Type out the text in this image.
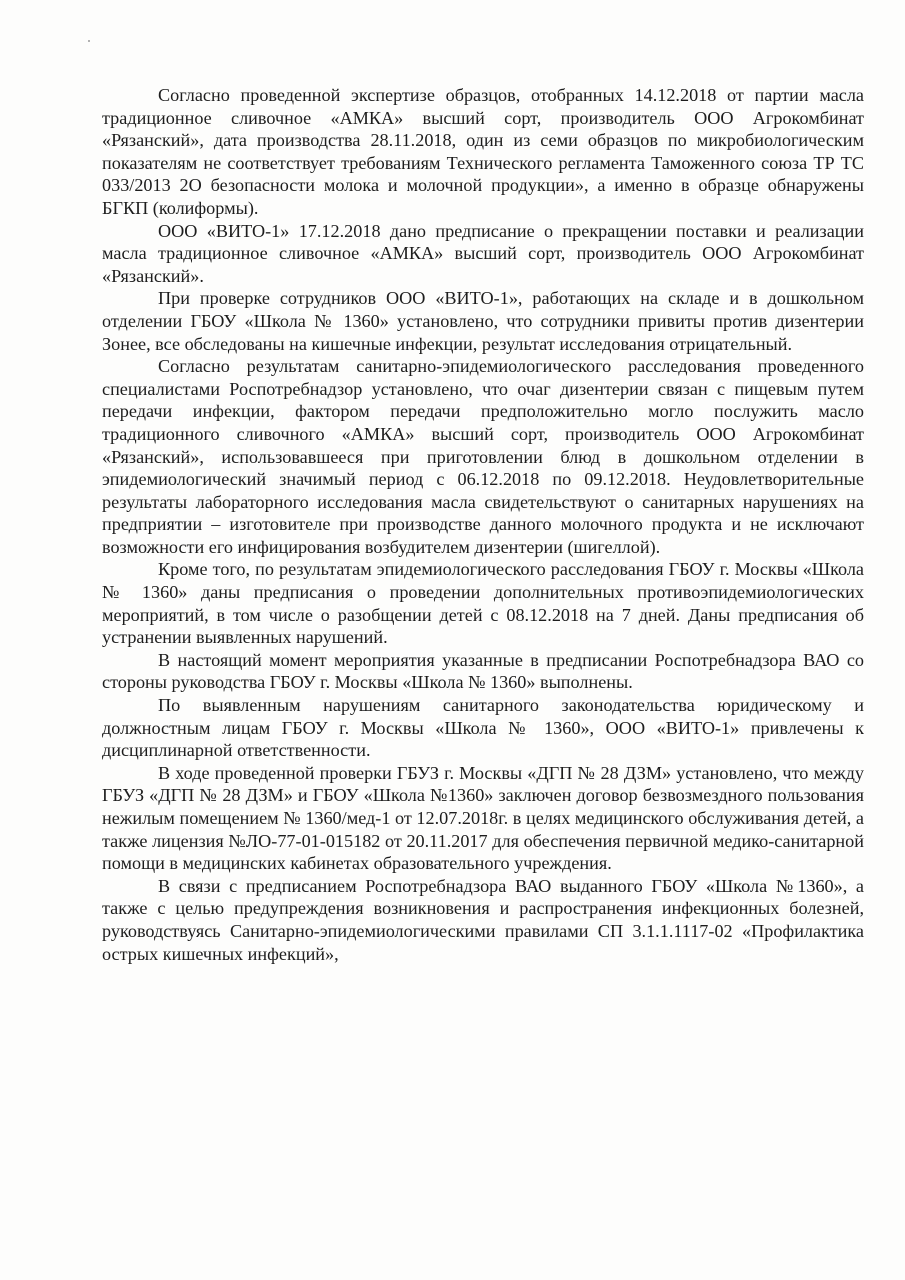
Согласно проведенной экспертизе образцов, отобранных 14.12.2018 от партии масла традиционное сливочное «АМКА» высший сорт, производитель ООО Агрокомбинат «Рязанский», дата производства 28.11.2018, один из семи образцов по микробиологическим показателям не соответствует требованиям Технического регламента Таможенного союза ТР ТС 033/2013 2О безопасности молока и молочной продукции», а именно в образце обнаружены БГКП (колиформы).

ООО «ВИТО-1» 17.12.2018 дано предписание о прекращении поставки и реализации масла традиционное сливочное «АМКА» высший сорт, производитель ООО Агрокомбинат «Рязанский».

При проверке сотрудников ООО «ВИТО-1», работающих на складе и в дошкольном отделении ГБОУ «Школа № 1360» установлено, что сотрудники привиты против дизентерии Зонее, все обследованы на кишечные инфекции, результат исследования отрицательный.

Согласно результатам санитарно-эпидемиологического расследования проведенного специалистами Роспотребнадзор установлено, что очаг дизентерии связан с пищевым путем передачи инфекции, фактором передачи предположительно могло послужить масло традиционного сливочного «АМКА» высший сорт, производитель ООО Агрокомбинат «Рязанский», использовавшееся при приготовлении блюд в дошкольном отделении в эпидемиологический значимый период с 06.12.2018 по 09.12.2018. Неудовлетворительные результаты лабораторного исследования масла свидетельствуют о санитарных нарушениях на предприятии – изготовителе при производстве данного молочного продукта и не исключают возможности его инфицирования возбудителем дизентерии (шигеллой).

Кроме того, по результатам эпидемиологического расследования ГБОУ г. Москвы «Школа № 1360» даны предписания о проведении дополнительных противоэпидемиологических мероприятий, в том числе о разобщении детей с 08.12.2018 на 7 дней. Даны предписания об устранении выявленных нарушений.

В настоящий момент мероприятия указанные в предписании Роспотребнадзора ВАО со стороны руководства ГБОУ г. Москвы «Школа № 1360» выполнены.

По выявленным нарушениям санитарного законодательства юридическому и должностным лицам ГБОУ г. Москвы «Школа № 1360», ООО «ВИТО-1» привлечены к дисциплинарной ответственности.

В ходе проведенной проверки ГБУЗ г. Москвы «ДГП № 28 ДЗМ» установлено, что между ГБУЗ «ДГП № 28 ДЗМ» и ГБОУ «Школа №1360» заключен договор безвозмездного пользования нежилым помещением № 1360/мед-1 от 12.07.2018г. в целях медицинского обслуживания детей, а также лицензия №ЛО-77-01-015182 от 20.11.2017 для обеспечения первичной медико-санитарной помощи в медицинских кабинетах образовательного учреждения.

В связи с предписанием Роспотребнадзора ВАО выданного ГБОУ «Школа №1360», а также с целью предупреждения возникновения и распространения инфекционных болезней, руководствуясь Санитарно-эпидемиологическими правилами СП 3.1.1.1117-02 «Профилактика острых кишечных инфекций»,
